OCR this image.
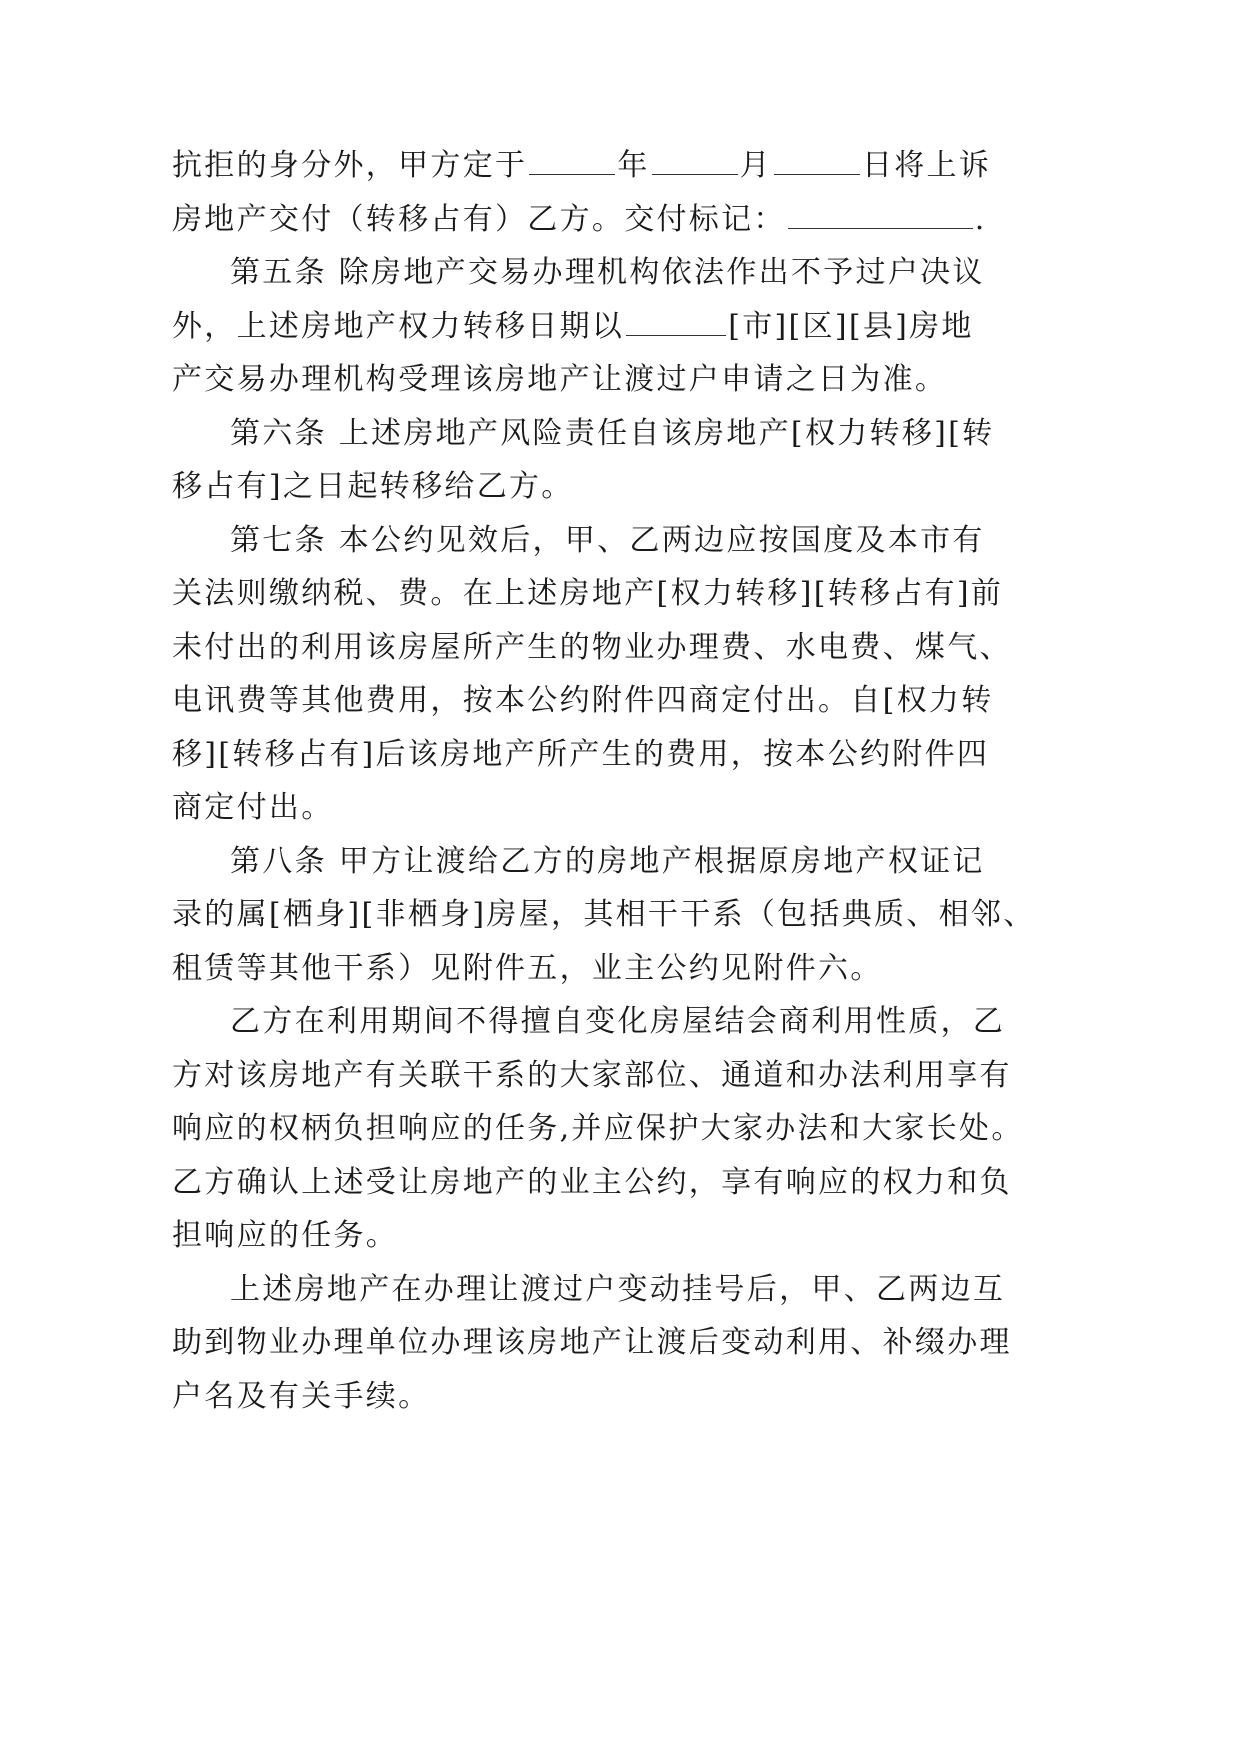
抗拒的身分外，甲方定于	年	月	日将上诉
房地产交付（转移占有）乙方。交付标记：	.
第五条 除房地产交易办理机构依法作出不予过户决议
外，上述房地产权力转移日期以	[市][区][县]房地
产交易办理机构受理该房地产让渡过户申请之日为准。
第六条 上述房地产风险责任自该房地产[权力转移][转
移占有]之日起转移给乙方。
第七条 本公约见效后，甲、乙两边应按国度及本市有
关法则缴纳税、费。在上述房地产[权力转移][转移占有]前
未付出的利用该房屋所产生的物业办理费、水电费、煤气、
电讯费等其他费用，按本公约附件四商定付出。自[权力转
移][转移占有]后该房地产所产生的费用，按本公约附件四
商定付出。
第八条 甲方让渡给乙方的房地产根据原房地产权证记
录的属[栖身][非栖身]房屋，其相干干系（包括典质、相邻、
租赁等其他干系）见附件五，业主公约见附件六。
乙方在利用期间不得擅自变化房屋结会商利用性质，乙
方对该房地产有关联干系的大家部位、通道和办法利用享有
响应的权柄负担响应的任务,并应保护大家办法和大家长处。
乙方确认上述受让房地产的业主公约，享有响应的权力和负
担响应的任务。
上述房地产在办理让渡过户变动挂号后，甲、乙两边互
助到物业办理单位办理该房地产让渡后变动利用、补缀办理
户名及有关手续。
